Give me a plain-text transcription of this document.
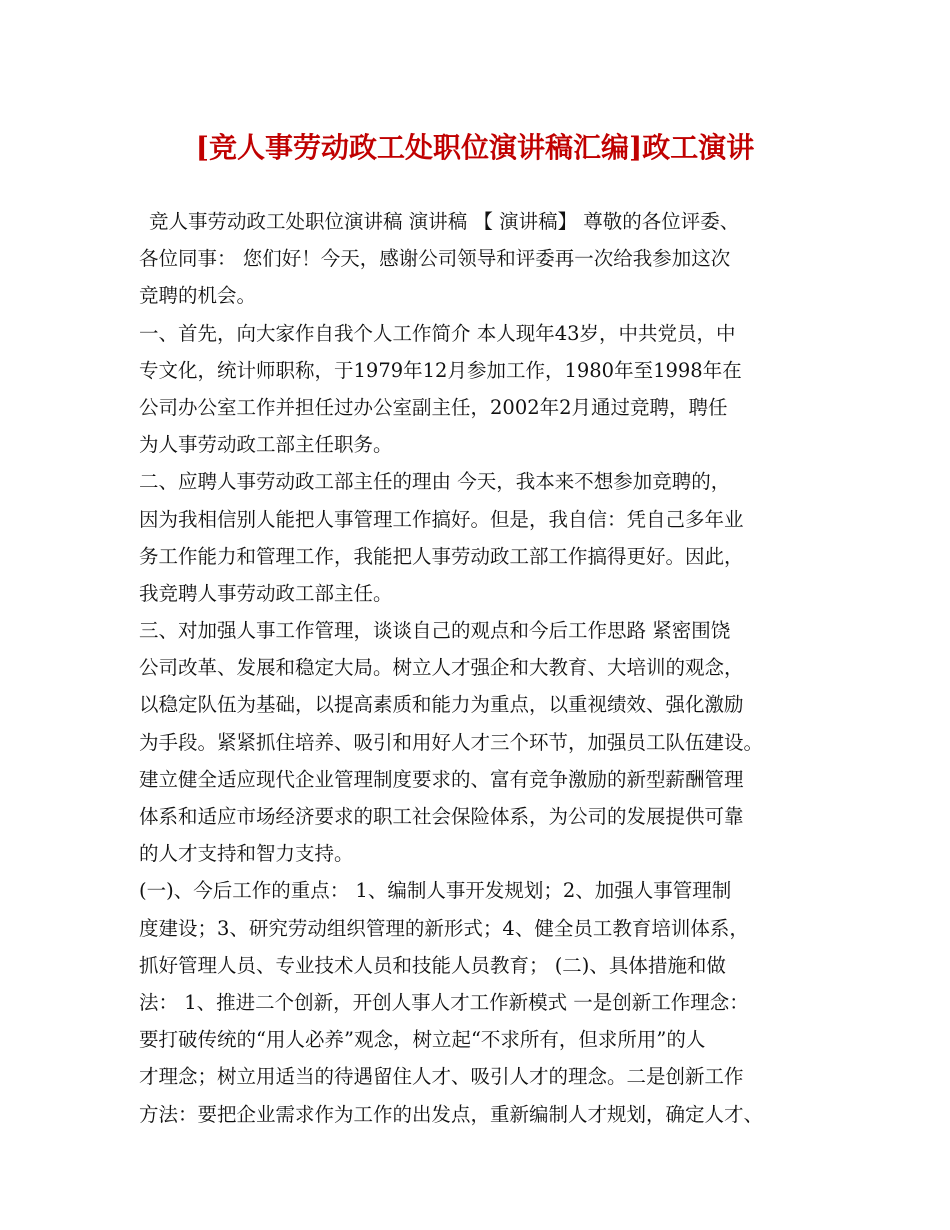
[竞人事劳动政工处职位演讲稿汇编]政工演讲
竞人事劳动政工处职位演讲稿 演讲稿 【 演讲稿】 尊敬的各位评委、
各位同事： 您们好！今天，感谢公司领导和评委再一次给我参加这次
竞聘的机会。
一、首先，向大家作自我个人工作简介 本人现年43岁，中共党员，中
专文化，统计师职称，于1979年12月参加工作，1980年至1998年在
公司办公室工作并担任过办公室副主任，2002年2月通过竞聘，聘任
为人事劳动政工部主任职务。
二、应聘人事劳动政工部主任的理由 今天，我本来不想参加竞聘的，
因为我相信别人能把人事管理工作搞好。但是，我自信：凭自己多年业
务工作能力和管理工作，我能把人事劳动政工部工作搞得更好。因此，
我竞聘人事劳动政工部主任。
三、对加强人事工作管理，谈谈自己的观点和今后工作思路 紧密围饶
公司改革、发展和稳定大局。树立人才强企和大教育、大培训的观念，
以稳定队伍为基础，以提高素质和能力为重点，以重视绩效、强化激励
为手段。紧紧抓住培养、吸引和用好人才三个环节，加强员工队伍建设。
建立健全适应现代企业管理制度要求的、富有竞争激励的新型薪酬管理
体系和适应市场经济要求的职工社会保险体系，为公司的发展提供可靠
的人才支持和智力支持。
(一)、今后工作的重点： 1、编制人事开发规划；2、加强人事管理制
度建设；3、研究劳动组织管理的新形式；4、健全员工教育培训体系，
抓好管理人员、专业技术人员和技能人员教育； (二)、具体措施和做
法： 1、推进二个创新，开创人事人才工作新模式 一是创新工作理念：
要打破传统的“用人必养”观念，树立起“不求所有，但求所用”的人
才理念；树立用适当的待遇留住人才、吸引人才的理念。二是创新工作
方法：要把企业需求作为工作的出发点，重新编制人才规划，确定人才、
